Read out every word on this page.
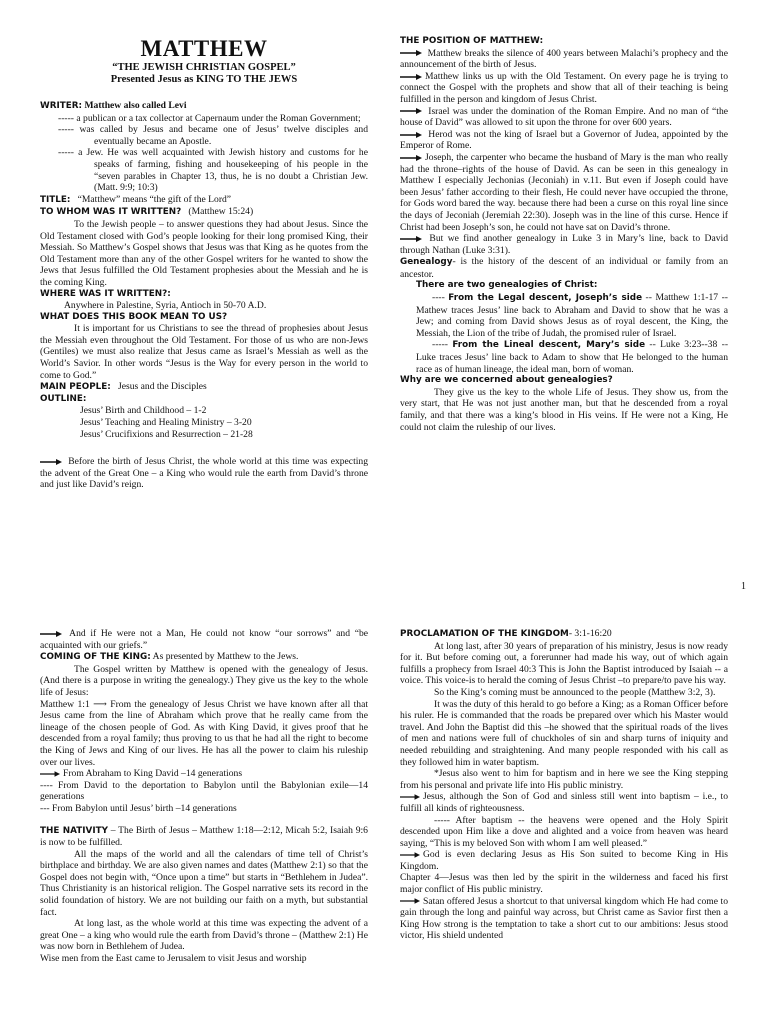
MATTHEW
“THE JEWISH CHRISTIAN GOSPEL”
Presented Jesus as KING TO THE JEWS

WRITER: Matthew also called Levi

----- a publican or a tax collector at Capernaum under the Roman Government;

----- was called by Jesus and became one of Jesus’ twelve disciples and eventually became an Apostle.

----- a Jew. He was well acquainted with Jewish history and customs for he speaks of farming, fishing and housekeeping of his people in the “seven parables in Chapter 13, thus, he is no doubt a Christian Jew. (Matt. 9:9; 10:3)

TITLE: “Matthew” means “the gift of the Lord”

TO WHOM WAS IT WRITTEN? (Matthew 15:24)

To the Jewish people – to answer questions they had about Jesus. Since the Old Testament closed with God’s people looking for their long promised King, their Messiah. So Matthew’s Gospel shows that Jesus was that King as he quotes from the Old Testament more than any of the other Gospel writers for he wanted to show the Jews that Jesus fulfilled the Old Testament prophesies about the Messiah and he is the coming King.

WHERE WAS IT WRITTEN?:

Anywhere in Palestine, Syria, Antioch in 50-70 A.D.

WHAT DOES THIS BOOK MEAN TO US?

It is important for us Christians to see the thread of prophesies about Jesus the Messiah even throughout the Old Testament. For those of us who are non-Jews (Gentiles) we must also realize that Jesus came as Israel’s Messiah as well as the World’s Savior. In other words “Jesus is the Way for every person in the world to come to God.”

MAIN PEOPLE: Jesus and the Disciples

OUTLINE:

Jesus’ Birth and Childhood – 1-2

Jesus’ Teaching and Healing Ministry – 3-20

Jesus’ Crucifixions and Resurrection – 21-28

Before the birth of Jesus Christ, the whole world at this time was expecting the advent of the Great One – a King who would rule the earth from David’s throne and just like David’s reign.

THE POSITION OF MATTHEW:

Matthew breaks the silence of 400 years between Malachi’s prophecy and the announcement of the birth of Jesus.

Matthew links us up with the Old Testament. On every page he is trying to connect the Gospel with the prophets and show that all of their teaching is being fulfilled in the person and kingdom of Jesus Christ.

Israel was under the domination of the Roman Empire. And no man of “the house of David” was allowed to sit upon the throne for over 600 years.

Herod was not the king of Israel but a Governor of Judea, appointed by the Emperor of Rome.

Joseph, the carpenter who became the husband of Mary is the man who really had the throne–rights of the house of David. As can be seen in this genealogy in Matthew I especially Jechonias (Jeconiah) in v.11. But even if Joseph could have been Jesus’ father according to their flesh, He could never have occupied the throne, for Gods word bared the way. because there had been a curse on this royal line since the days of Jeconiah (Jeremiah 22:30). Joseph was in the line of this curse. Hence if Christ had been Joseph’s son, he could not have sat on David’s throne.

But we find another genealogy in Luke 3 in Mary’s line, back to David through Nathan (Luke 3:31).

Genealogy- is the history of the descent of an individual or family from an ancestor.

There are two genealogies of Christ:

---- From the Legal descent, Joseph’s side -- Matthew 1:1-17 -- Mathew traces Jesus’ line back to Abraham and David to show that he was a Jew; and coming from David shows Jesus as of royal descent, the King, the Messiah, the Lion of the tribe of Judah, the promised ruler of Israel.

----- From the Lineal descent, Mary’s side -- Luke 3:23--38 -- Luke traces Jesus’ line back to Adam to show that He belonged to the human race as of human lineage, the ideal man, born of woman.

Why are we concerned about genealogies?

They give us the key to the whole Life of Jesus. They show us, from the very start, that He was not just another man, but that he descended from a royal family, and that there was a king’s blood in His veins. If He were not a King, He could not claim the ruleship of our lives.

1

And if He were not a Man, He could not know “our sorrows” and “be acquainted with our griefs.”

COMING OF THE KING: As presented by Matthew to the Jews.

The Gospel written by Matthew is opened with the genealogy of Jesus. (And there is a purpose in writing the genealogy.) They give us the key to the whole life of Jesus:

Matthew 1:1 ⟶ From the genealogy of Jesus Christ we have known after all that Jesus came from the line of Abraham which prove that he really came from the lineage of the chosen people of God. As with King David, it gives proof that he descended from a royal family; thus proving to us that he had all the right to become the King of Jews and King of our lives. He has all the power to claim his ruleship over our lives.

From Abraham to King David –14 generations

---- From David to the deportation to Babylon until the Babylonian exile—14 generations

--- From Babylon until Jesus’ birth –14 generations

THE NATIVITY – The Birth of Jesus – Matthew 1:18—2:12, Micah 5:2, Isaiah 9:6 is now to be fulfilled.

All the maps of the world and all the calendars of time tell of Christ’s birthplace and birthday. We are also given names and dates (Matthew 2:1) so that the Gospel does not begin with, “Once upon a time” but starts in “Bethlehem in Judea”. Thus Christianity is an historical religion. The Gospel narrative sets its record in the solid foundation of history. We are not building our faith on a myth, but substantial fact.

At long last, as the whole world at this time was expecting the advent of a great One – a king who would rule the earth from David’s throne – (Matthew 2:1) He was now born in Bethlehem of Judea.

Wise men from the East came to Jerusalem to visit Jesus and worship

PROCLAMATION OF THE KINGDOM- 3:1-16:20

At long last, after 30 years of preparation of his ministry, Jesus is now ready for it. But before coming out, a forerunner had made his way, out of which again fulfills a prophecy from Israel 40:3 This is John the Baptist introduced by Isaiah -- a voice. This voice-is to herald the coming of Jesus Christ –to prepare/to pave his way.

So the King’s coming must be announced to the people (Matthew 3:2, 3).

It was the duty of this herald to go before a King; as a Roman Officer before his ruler. He is commanded that the roads be prepared over which his Master would travel. And John the Baptist did this –he showed that the spiritual roads of the lives of men and nations were full of chuckholes of sin and sharp turns of iniquity and needed rebuilding and straightening. And many people responded with his call as they followed him in water baptism.

*Jesus also went to him for baptism and in here we see the King stepping from his personal and private life into His public ministry.

Jesus, although the Son of God and sinless still went into baptism – i.e., to fulfill all kinds of righteousness.

----- After baptism -- the heavens were opened and the Holy Spirit descended upon Him like a dove and alighted and a voice from heaven was heard saying, “This is my beloved Son with whom I am well pleased.”

God is even declaring Jesus as His Son suited to become King in His Kingdom.

Chapter 4—Jesus was then led by the spirit in the wilderness and faced his first major conflict of His public ministry.

Satan offered Jesus a shortcut to that universal kingdom which He had come to gain through the long and painful way across, but Christ came as Savior first then a King How strong is the temptation to take a short cut to our ambitions: Jesus stood victor, His shield undented
